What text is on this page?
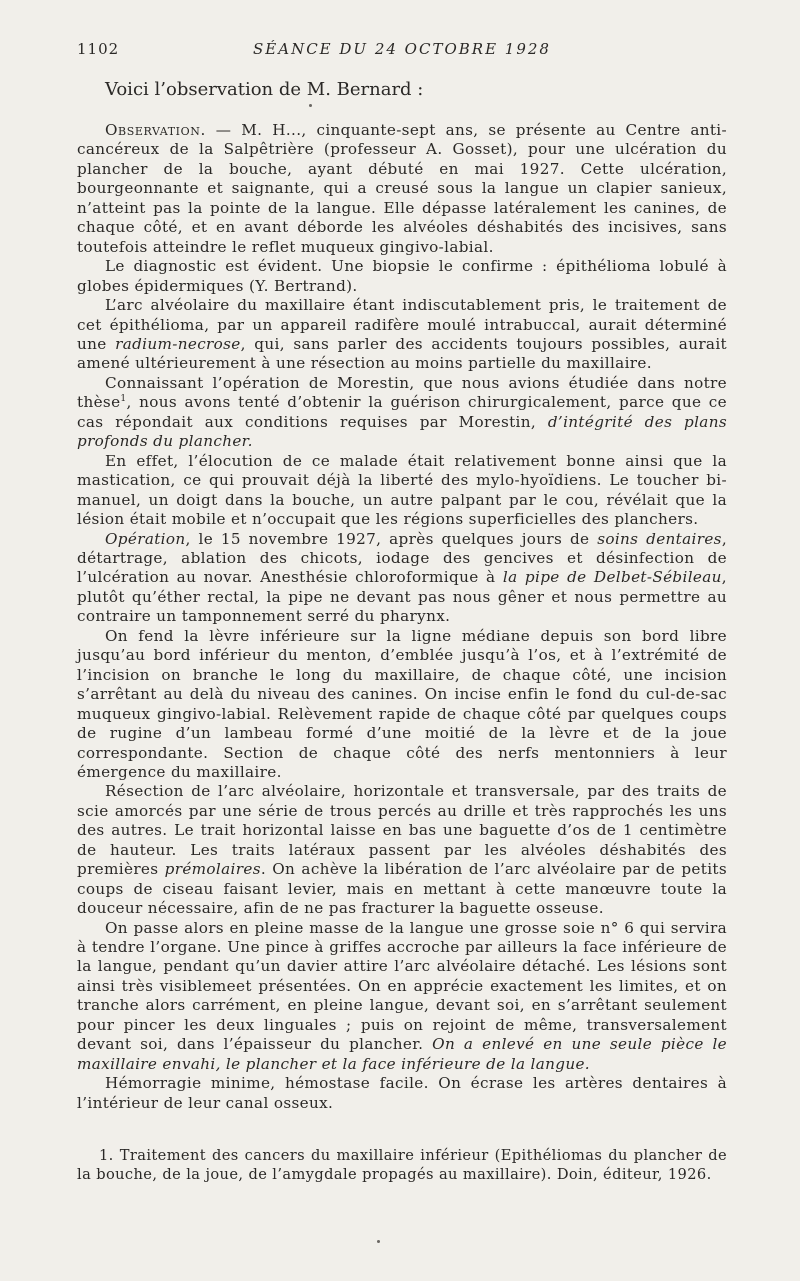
1102	SÉANCE DU 24 OCTOBRE 1928
Voici l’observation de M. Bernard :

Observation. — M. H..., cinquante-sept ans, se présente au Centre anti-cancéreux de la Salpêtrière (professeur A. Gosset), pour une ulcération du plancher de la bouche, ayant débuté en mai 1927. Cette ulcération, bourgeonnante et saignante, qui a creusé sous la langue un clapier sanieux, n’atteint pas la pointe de la langue. Elle dépasse latéralement les canines, de chaque côté, et en avant déborde les alvéoles déshabités des incisives, sans toutefois atteindre le reflet muqueux gingivo-labial.

Le diagnostic est évident. Une biopsie le confirme : épithélioma lobulé à globes épidermiques (Y. Bertrand).

L’arc alvéolaire du maxillaire étant indiscutablement pris, le traitement de cet épithélioma, par un appareil radifère moulé intrabuccal, aurait déterminé une radium-necrose, qui, sans parler des accidents toujours possibles, aurait amené ultérieurement à une résection au moins partielle du maxillaire.

Connaissant l’opération de Morestin, que nous avions étudiée dans notre thèse$^1$, nous avons tenté d’obtenir la guérison chirurgicalement, parce que ce cas répondait aux conditions requises par Morestin, d’intégrité des plans profonds du plancher.

En effet, l’élocution de ce malade était relativement bonne ainsi que la mastication, ce qui prouvait déjà la liberté des mylo-hyoïdiens. Le toucher bi-manuel, un doigt dans la bouche, un autre palpant par le cou, révélait que la lésion était mobile et n’occupait que les régions superficielles des planchers.

Opération, le 15 novembre 1927, après quelques jours de soins dentaires, détartrage, ablation des chicots, iodage des gencives et désinfection de l’ulcération au novar. Anesthésie chloroformique à la pipe de Delbet-Sébileau, plutôt qu’éther rectal, la pipe ne devant pas nous gêner et nous permettre au contraire un tamponnement serré du pharynx.

On fend la lèvre inférieure sur la ligne médiane depuis son bord libre jusqu’au bord inférieur du menton, d’emblée jusqu’à l’os, et à l’extrémité de l’incision on branche le long du maxillaire, de chaque côté, une incision s’arrêtant au delà du niveau des canines. On incise enfin le fond du cul-de-sac muqueux gingivo-labial. Relèvement rapide de chaque côté par quelques coups de rugine d’un lambeau formé d’une moitié de la lèvre et de la joue correspondante. Section de chaque côté des nerfs mentonniers à leur émergence du maxillaire.

Résection de l’arc alvéolaire, horizontale et transversale, par des traits de scie amorcés par une série de trous percés au drille et très rapprochés les uns des autres. Le trait horizontal laisse en bas une baguette d’os de 1 centimètre de hauteur. Les traits latéraux passent par les alvéoles déshabités des premières prémolaires. On achève la libération de l’arc alvéolaire par de petits coups de ciseau faisant levier, mais en mettant à cette manœuvre toute la douceur nécessaire, afin de ne pas fracturer la baguette osseuse.

On passe alors en pleine masse de la langue une grosse soie n° 6 qui servira à tendre l’organe. Une pince à griffes accroche par ailleurs la face inférieure de la langue, pendant qu’un davier attire l’arc alvéolaire détaché. Les lésions sont ainsi très visiblemeet présentées. On en apprécie exactement les limites, et on tranche alors carrément, en pleine langue, devant soi, en s’arrêtant seulement pour pincer les deux linguales ; puis on rejoint de même, transversalement devant soi, dans l’épaisseur du plancher. On a enlevé en une seule pièce le maxillaire envahi, le plancher et la face inférieure de la langue.

Hémorragie minime, hémostase facile. On écrase les artères dentaires à l’intérieur de leur canal osseux.

1. Traitement des cancers du maxillaire inférieur (Epithéliomas du plancher de la bouche, de la joue, de l’amygdale propagés au maxillaire). Doin, éditeur, 1926.
